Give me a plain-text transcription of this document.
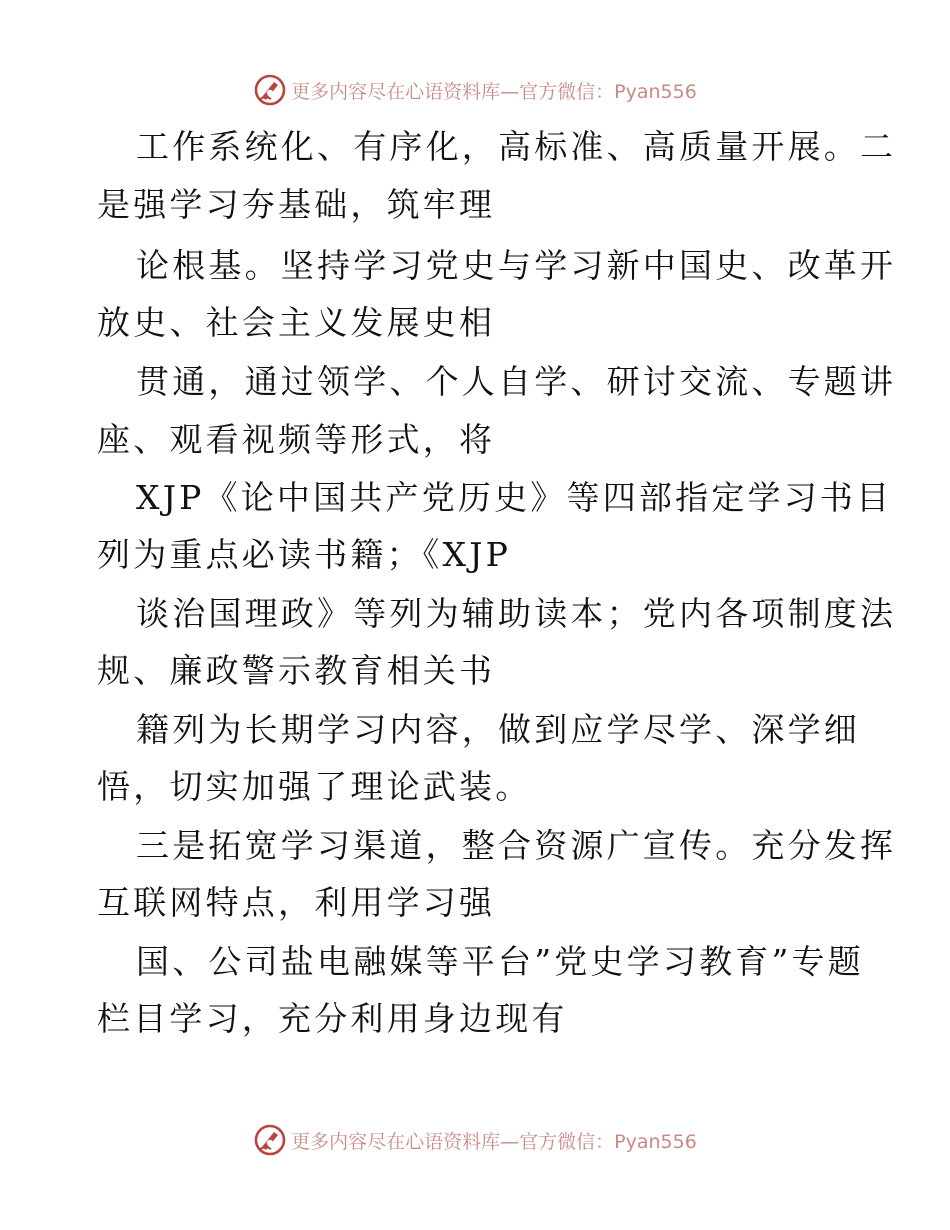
更多内容尽在心语资料库—官方微信：Pyan556
工作系统化、有序化，高标准、高质量开展。二
是强学习夯基础，筑牢理
论根基。坚持学习党史与学习新中国史、改革开
放史、社会主义发展史相
贯通，通过领学、个人自学、研讨交流、专题讲
座、观看视频等形式，将
XJP《论中国共产党历史》等四部指定学习书目
列为重点必读书籍；《XJP
谈治国理政》等列为辅助读本；党内各项制度法
规、廉政警示教育相关书
籍列为长期学习内容，做到应学尽学、深学细
悟，切实加强了理论武装。
三是拓宽学习渠道，整合资源广宣传。充分发挥
互联网特点，利用学习强
国、公司盐电融媒等平台”党史学习教育”专题
栏目学习，充分利用身边现有
更多内容尽在心语资料库—官方微信：Pyan556
